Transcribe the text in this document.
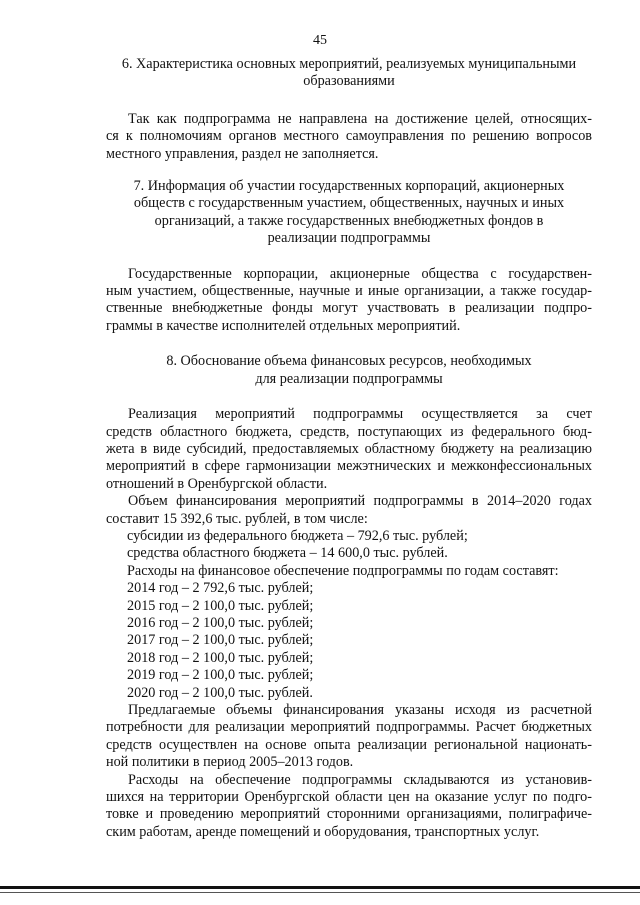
45
6. Характеристика основных мероприятий, реализуемых муниципальными
образованиями
Так как подпрограмма не направлена на достижение целей, относящих-
ся к полномочиям органов местного самоуправления по решению вопросов
местного управления, раздел не заполняется.
7. Информация об участии государственных корпораций, акционерных
обществ с государственным участием, общественных, научных и иных
организаций, а также государственных внебюджетных фондов в
реализации подпрограммы
Государственные корпорации, акционерные общества с государствен-
ным участием, общественные, научные и иные организации, а также государ-
ственные внебюджетные фонды могут участвовать в реализации подпро-
граммы в качестве исполнителей отдельных мероприятий.
8. Обоснование объема финансовых ресурсов, необходимых
для реализации подпрограммы
Реализация мероприятий подпрограммы осуществляется за счет
средств областного бюджета, средств, поступающих из федерального бюд-
жета в виде субсидий, предоставляемых областному бюджету на реализацию
мероприятий в сфере гармонизации межэтнических и межконфессиональных
отношений в Оренбургской области.
Объем финансирования мероприятий подпрограммы в 2014–2020 годах
составит 15 392,6 тыс. рублей, в том числе:
субсидии из федерального бюджета – 792,6 тыс. рублей;
средства областного бюджета – 14 600,0 тыс. рублей.
Расходы на финансовое обеспечение подпрограммы по годам составят:
2014 год – 2 792,6 тыс. рублей;
2015 год – 2 100,0 тыс. рублей;
2016 год – 2 100,0 тыс. рублей;
2017 год – 2 100,0 тыс. рублей;
2018 год – 2 100,0 тыс. рублей;
2019 год – 2 100,0 тыс. рублей;
2020 год – 2 100,0 тыс. рублей.
Предлагаемые объемы финансирования указаны исходя из расчетной
потребности для реализации мероприятий подпрограммы. Расчет бюджетных
средств осуществлен на основе опыта реализации региональной национать-
ной политики в период 2005–2013 годов.
Расходы на обеспечение подпрограммы складываются из установив-
шихся на территории Оренбургской области цен на оказание услуг по подго-
товке и проведению мероприятий сторонними организациями, полиграфиче-
ским работам, аренде помещений и оборудования, транспортных услуг.
